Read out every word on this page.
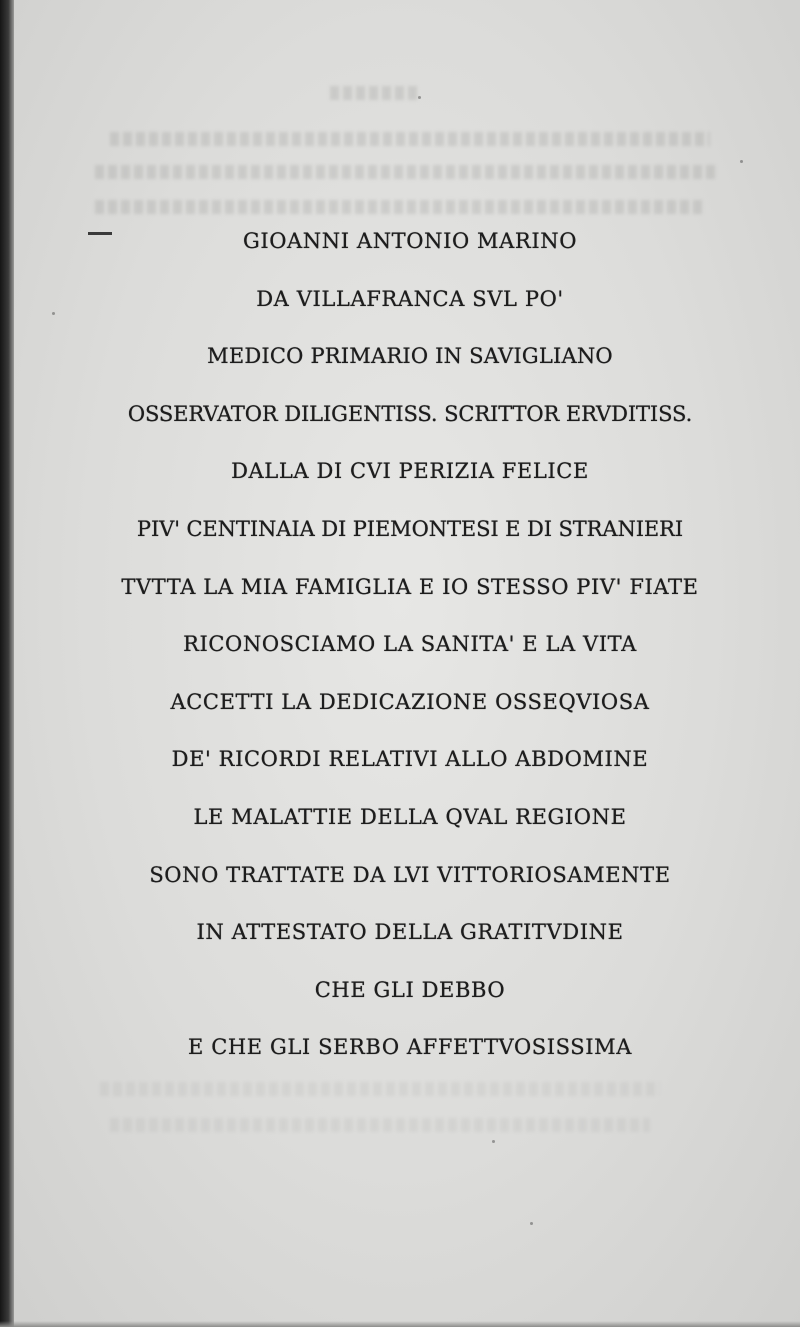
GIOANNI ANTONIO MARINO
DA VILLAFRANCA SVL PO'
MEDICO PRIMARIO IN SAVIGLIANO
OSSERVATOR DILIGENTISS. SCRITTOR ERVDITISS.
DALLA DI CVI PERIZIA FELICE
PIV' CENTINAIA DI PIEMONTESI E DI STRANIERI
TVTTA LA MIA FAMIGLIA E IO STESSO PIV' FIATE
RICONOSCIAMO LA SANITA' E LA VITA
ACCETTI LA DEDICAZIONE OSSEQVIOSA
DE' RICORDI RELATIVI ALLO ABDOMINE
LE MALATTIE DELLA QVAL REGIONE
SONO TRATTATE DA LVI VITTORIOSAMENTE
IN ATTESTATO DELLA GRATITVDINE
CHE GLI DEBBO
E CHE GLI SERBO AFFETTVOSISSIMA
